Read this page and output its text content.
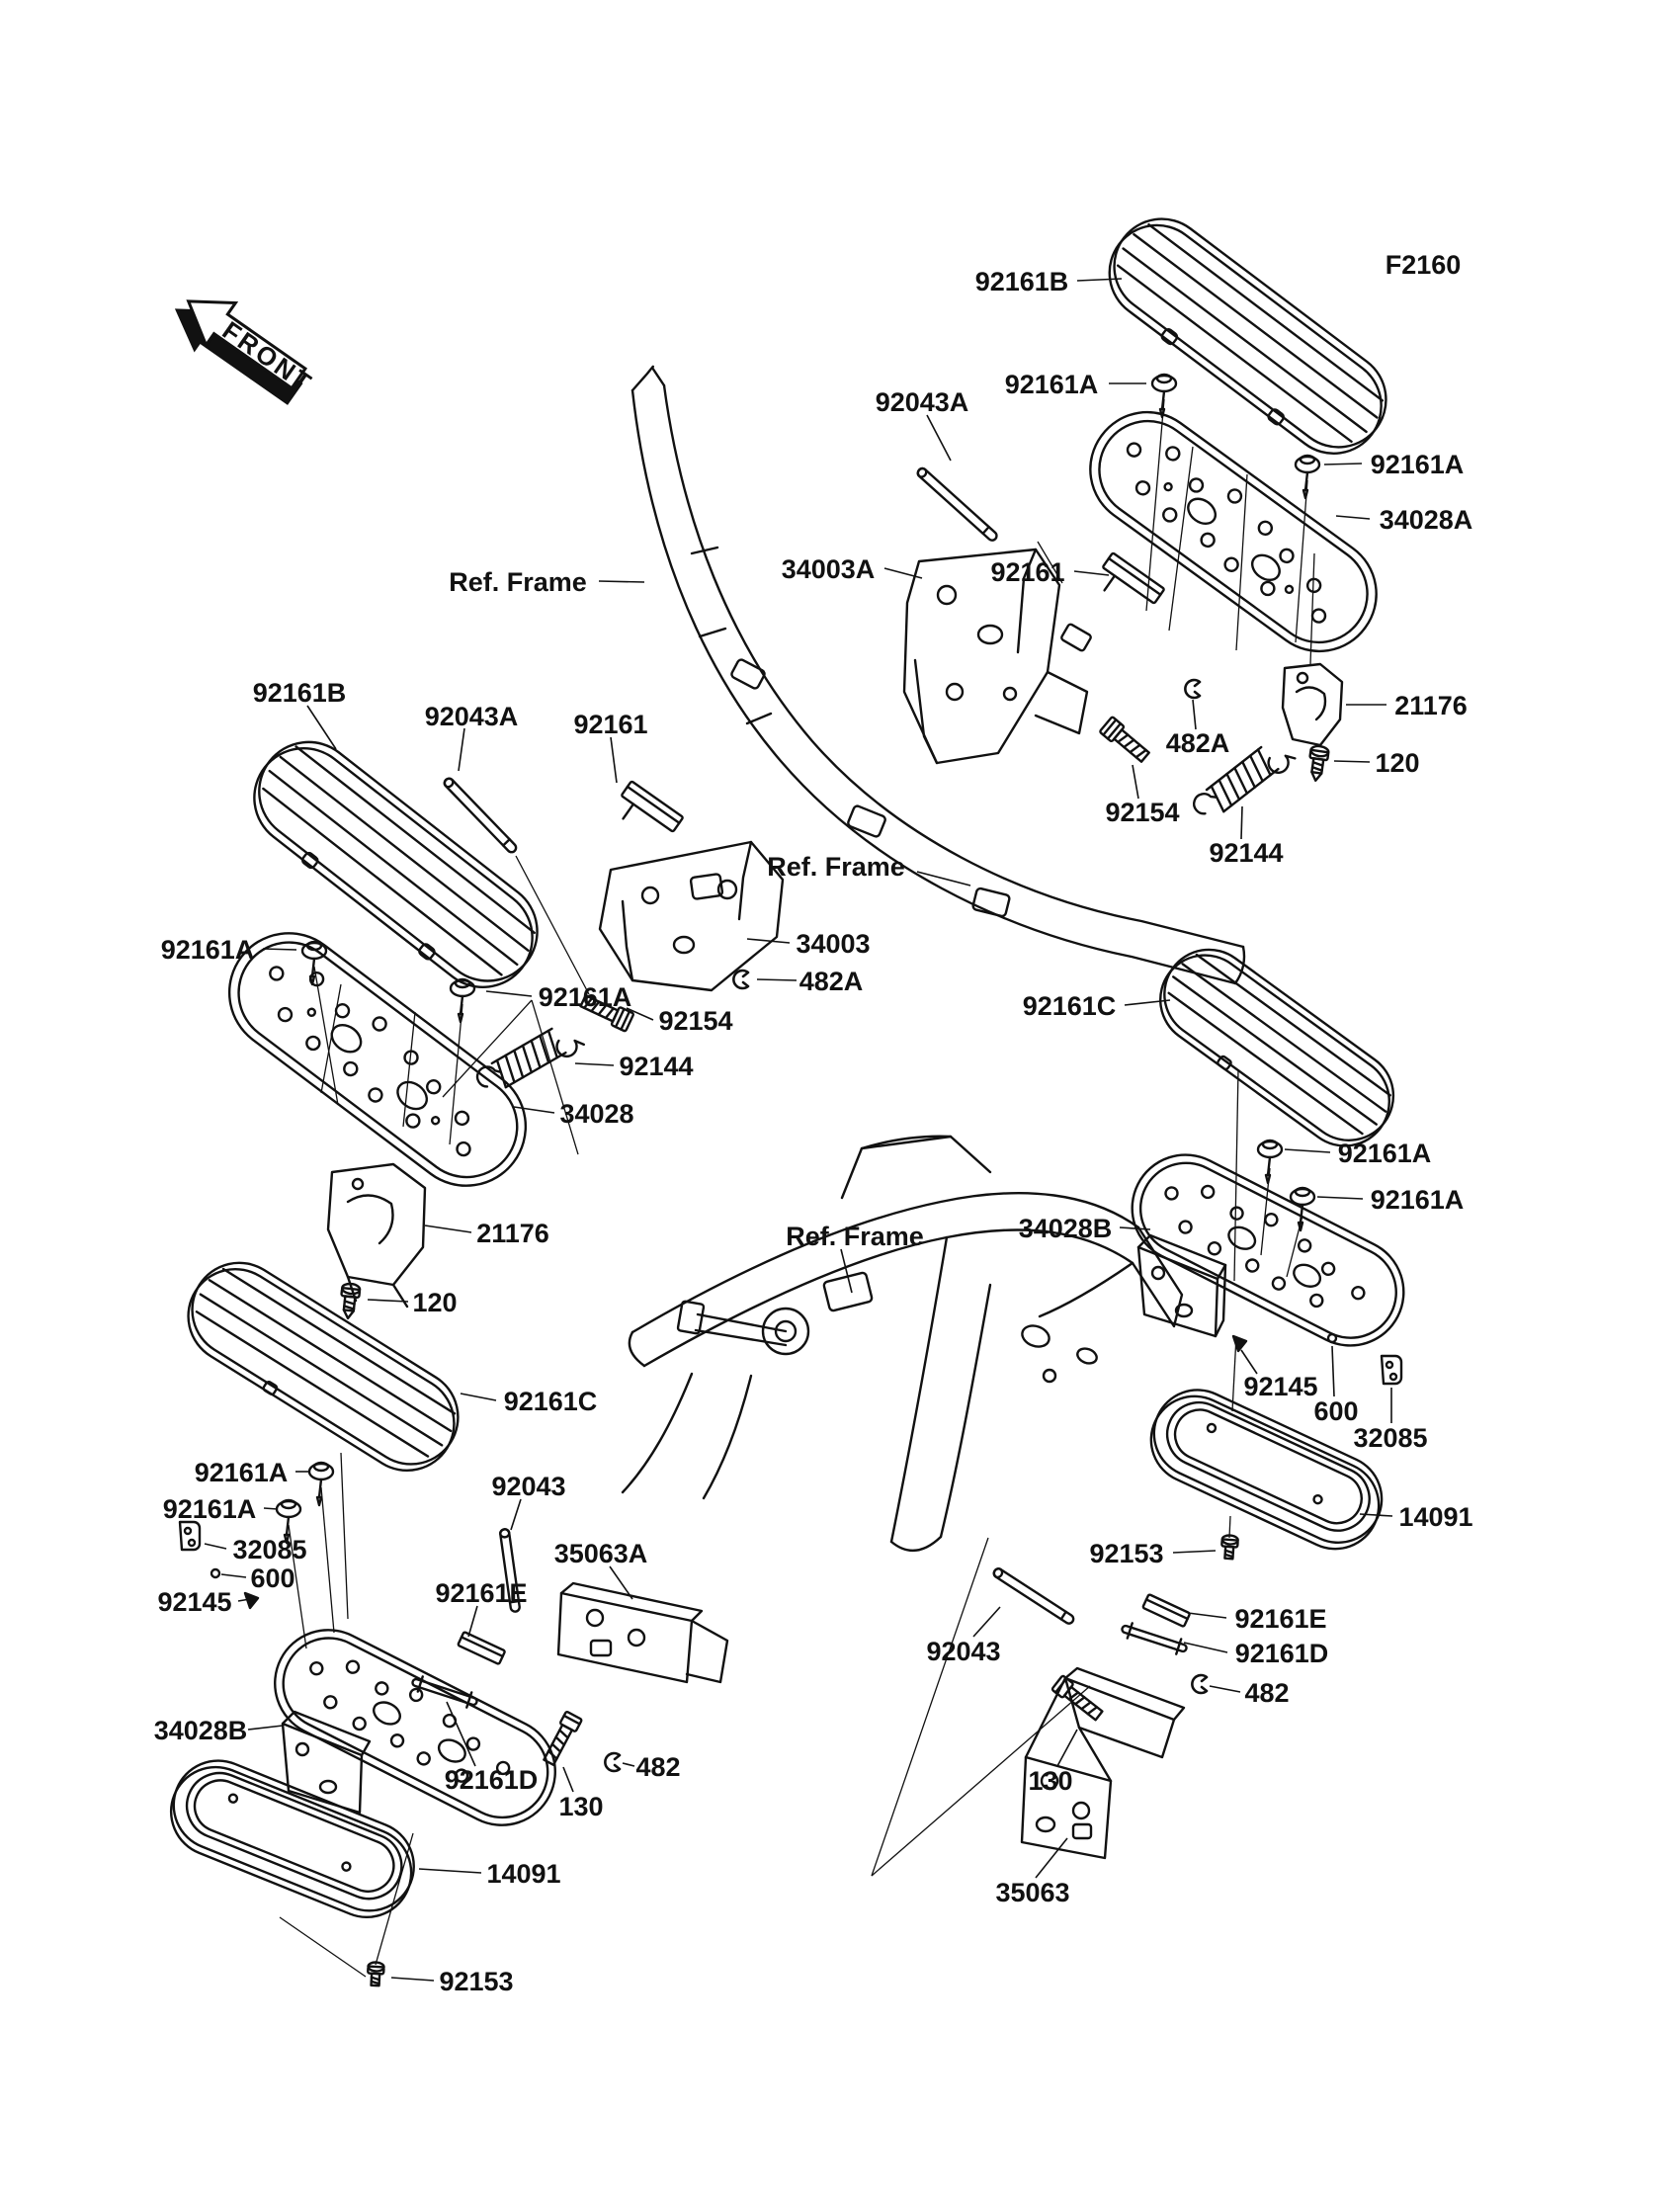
FRONT
F2160
92161B
92161A
92043A
92161A
34028A
92161
34003A
Ref. Frame
Ref. Frame
482A
21176
120
92154
92144
92161B
92043A 92161
92161A
92161A
34003
482A
92154
92144
34028
21176
120
92161C
92161A
92161A
34028B
Ref. Frame
92145
600
32085
14091
92153
92161E
92161D
482
92043
130
35063
92161C
92161A
92161A
32085
600
92145
92043
35063A
92161E
34028B
92161D
130
482
14091
92153
